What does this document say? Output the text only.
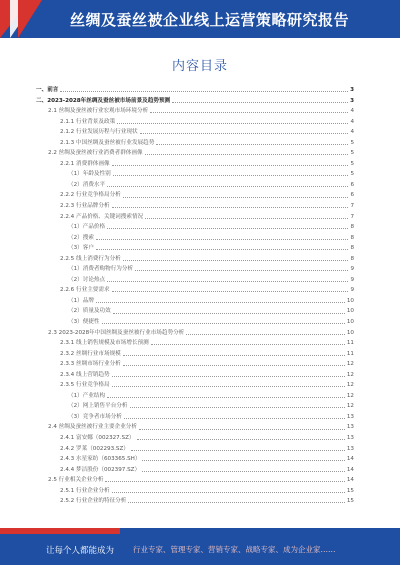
丝绸及蚕丝被企业线上运营策略研究报告
内容目录
一、前言	3
二、2023-2028年丝绸及蚕丝被市场前景及趋势预测	3
2.1 丝绸及蚕丝被行业宏观市场环境分析	4
2.1.1 行业背景及政策	4
2.1.2 行业发展历程与行业现状	4
2.1.3 中国丝绸及蚕丝被行业发展趋势	5
2.2 丝绸及蚕丝被行业消费者群体画像	5
2.2.1 消费群体画像	5
（1）年龄及性别	5
（2）消费水平	6
2.2.2 行业竞争格局分析	6
2.2.3 行业品牌分析	7
2.2.4 产品价格、关键词搜索情况	7
（1）产品价格	8
（2）搜索	8
（3）客户	8
2.2.5 线上消费行为分析	8
（1）消费者购物行为分析	9
（2）讨论热点	9
2.2.6 行业主要需求	9
（1）品牌	10
（2）质量及功效	10
（3）便捷性	10
2.3 2023-2028年中国丝绸及蚕丝被行业市场趋势分析	10
2.3.1 线上销售规模及市场增长预测	11
2.3.2 丝绸行业市场规模	11
2.3.3 丝绸市场行业分析	12
2.3.4 线上营销趋势	12
2.3.5 行业竞争格局	12
（1）产业结构	12
（2）网上销售平台分析	12
（3）竞争者市场分析	13
2.4 丝绸及蚕丝被行业主要企业分析	13
2.4.1 富安娜（002327.SZ）	13
2.4.2 罗莱（002293.SZ）	13
2.4.3 水星家纺（603365.SH）	14
2.4.4 梦洁股份（002397.SZ）	14
2.5 行业相关企业分析	14
2.5.1 行业企业分析	15
2.5.2 行业企业的特征分析	15
让每个人都能成为	行业专家、管理专家、营销专家、战略专家、成为企业家……
